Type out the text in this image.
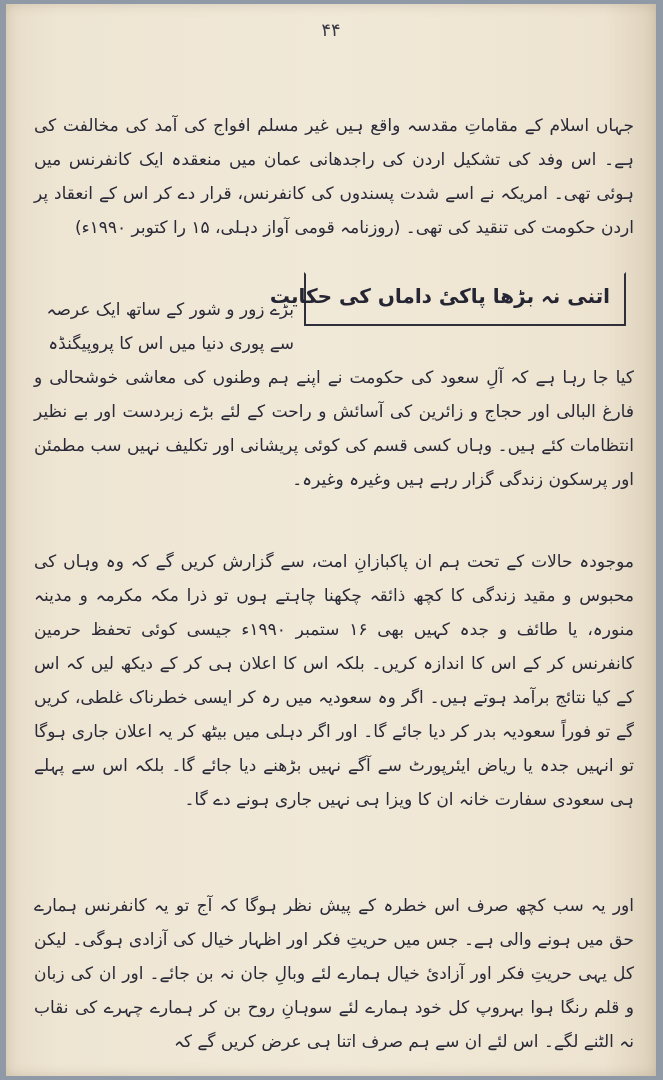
۴۴

جہاں اسلام کے مقاماتِ مقدسہ واقع ہیں غیر مسلم افواج کی آمد کی مخالفت کی ہے۔ اس وفد کی تشکیل اردن کی راجدھانی عمان میں منعقدہ ایک کانفرنس میں ہوئی تھی۔ امریکہ نے اسے شدت پسندوں کی کانفرنس، قرار دے کر اس کے انعقاد پر اردن حکومت کی تنقید کی تھی۔ (روزنامہ قومی آواز دہلی، ۱۵ را کتوبر ۱۹۹۰ء)

اتنی نہ بڑھا پاکیٔ داماں کی حکایت

بڑے زور و شور کے ساتھ ایک عرصہ سے پوری دنیا میں اس کا پروپیگنڈہ

کیا جا رہا ہے کہ آلِ سعود کی حکومت نے اپنے ہم وطنوں کی معاشی خوشحالی و فارغ البالی اور حجاج و زائرین کی آسائش و راحت کے لئے بڑے زبردست اور بے نظیر انتظامات کئے ہیں۔ وہاں کسی قسم کی کوئی پریشانی اور تکلیف نہیں سب مطمئن اور پرسکون زندگی گزار رہے ہیں وغیرہ وغیرہ۔

موجودہ حالات کے تحت ہم ان پاکبازانِ امت، سے گزارش کریں گے کہ وہ وہاں کی محبوس و مقید زندگی کا کچھ ذائقہ چکھنا چاہتے ہوں تو ذرا مکہ مکرمہ و مدینہ منورہ، یا طائف و جدہ کہیں بھی ۱۶ ستمبر ۱۹۹۰ء جیسی کوئی تحفظ حرمین کانفرنس کر کے اس کا اندازہ کریں۔ بلکہ اس کا اعلان ہی کر کے دیکھ لیں کہ اس کے کیا نتائج برآمد ہوتے ہیں۔ اگر وہ سعودیہ میں رہ کر ایسی خطرناک غلطی، کریں گے تو فوراً سعودیہ بدر کر دیا جائے گا۔ اور اگر دہلی میں بیٹھ کر یہ اعلان جاری ہوگا تو انہیں جدہ یا ریاض ایئرپورٹ سے آگے نہیں بڑھنے دیا جائے گا۔ بلکہ اس سے پہلے ہی سعودی سفارت خانہ ان کا ویزا ہی نہیں جاری ہونے دے گا۔

اور یہ سب کچھ صرف اس خطرہ کے پیش نظر ہوگا کہ آج تو یہ کانفرنس ہمارے حق میں ہونے والی ہے۔ جس میں حریتِ فکر اور اظہار خیال کی آزادی ہوگی۔ لیکن کل یہی حریتِ فکر اور آزادیٔ خیال ہمارے لئے وبالِ جان نہ بن جائے۔ اور ان کی زبان و قلم رنگا ہوا بہروپ کل خود ہمارے لئے سوہانِ روح بن کر ہمارے چہرے کی نقاب نہ الٹنے لگے۔ اس لئے ان سے ہم صرف اتنا ہی عرض کریں گے کہ
